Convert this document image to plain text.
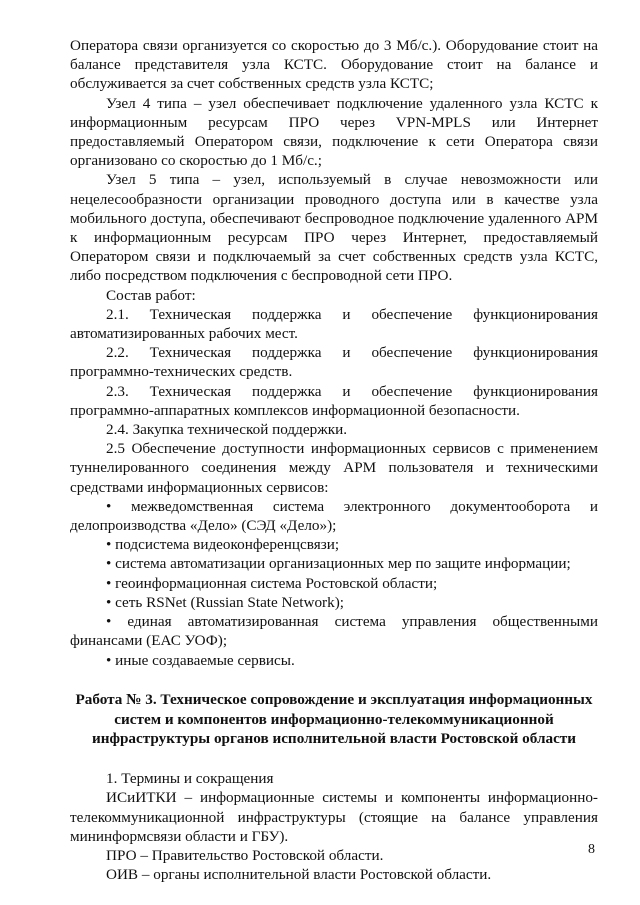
Оператора связи организуется со скоростью до 3 Мб/с.). Оборудование стоит на балансе представителя узла КСТС. Оборудование стоит на балансе и обслуживается за счет собственных средств узла КСТС;

Узел 4 типа – узел обеспечивает подключение удаленного узла КСТС к информационным ресурсам ПРО через VPN-MPLS или Интернет предоставляемый Оператором связи, подключение к сети Оператора связи организовано со скоростью до 1 Мб/с.;

Узел 5 типа – узел, используемый в случае невозможности или нецелесообразности организации проводного доступа или в качестве узла мобильного доступа, обеспечивают беспроводное подключение удаленного АРМ к информационным ресурсам ПРО через Интернет, предоставляемый Оператором связи и подключаемый за счет собственных средств узла КСТС, либо посредством подключения с беспроводной сети ПРО.

Состав работ:

2.1. Техническая поддержка и обеспечение функционирования автоматизированных рабочих мест.

2.2. Техническая поддержка и обеспечение функционирования программно-технических средств.

2.3. Техническая поддержка и обеспечение функционирования программно-аппаратных комплексов информационной безопасности.

2.4. Закупка технической поддержки.

2.5 Обеспечение доступности информационных сервисов с применением туннелированного соединения между АРМ пользователя и техническими средствами информационных сервисов:

• межведомственная система электронного документооборота и делопроизводства «Дело» (СЭД «Дело»);

• подсистема видеоконференцсвязи;

• система автоматизации организационных мер по защите информации;

• геоинформационная система Ростовской области;

• сеть RSNet (Russian State Network);

• единая автоматизированная система управления общественными финансами (ЕАС УОФ);

• иные создаваемые сервисы.

Работа № 3. Техническое сопровождение и эксплуатация информационных систем и компонентов информационно-телекоммуникационной инфраструктуры органов исполнительной власти Ростовской области

1. Термины и сокращения

ИСиИТКИ – информационные системы и компоненты информационно-телекоммуникационной инфраструктуры (стоящие на балансе управления мининформсвязи области и ГБУ).

ПРО – Правительство Ростовской области.

ОИВ – органы исполнительной власти Ростовской области.

8
